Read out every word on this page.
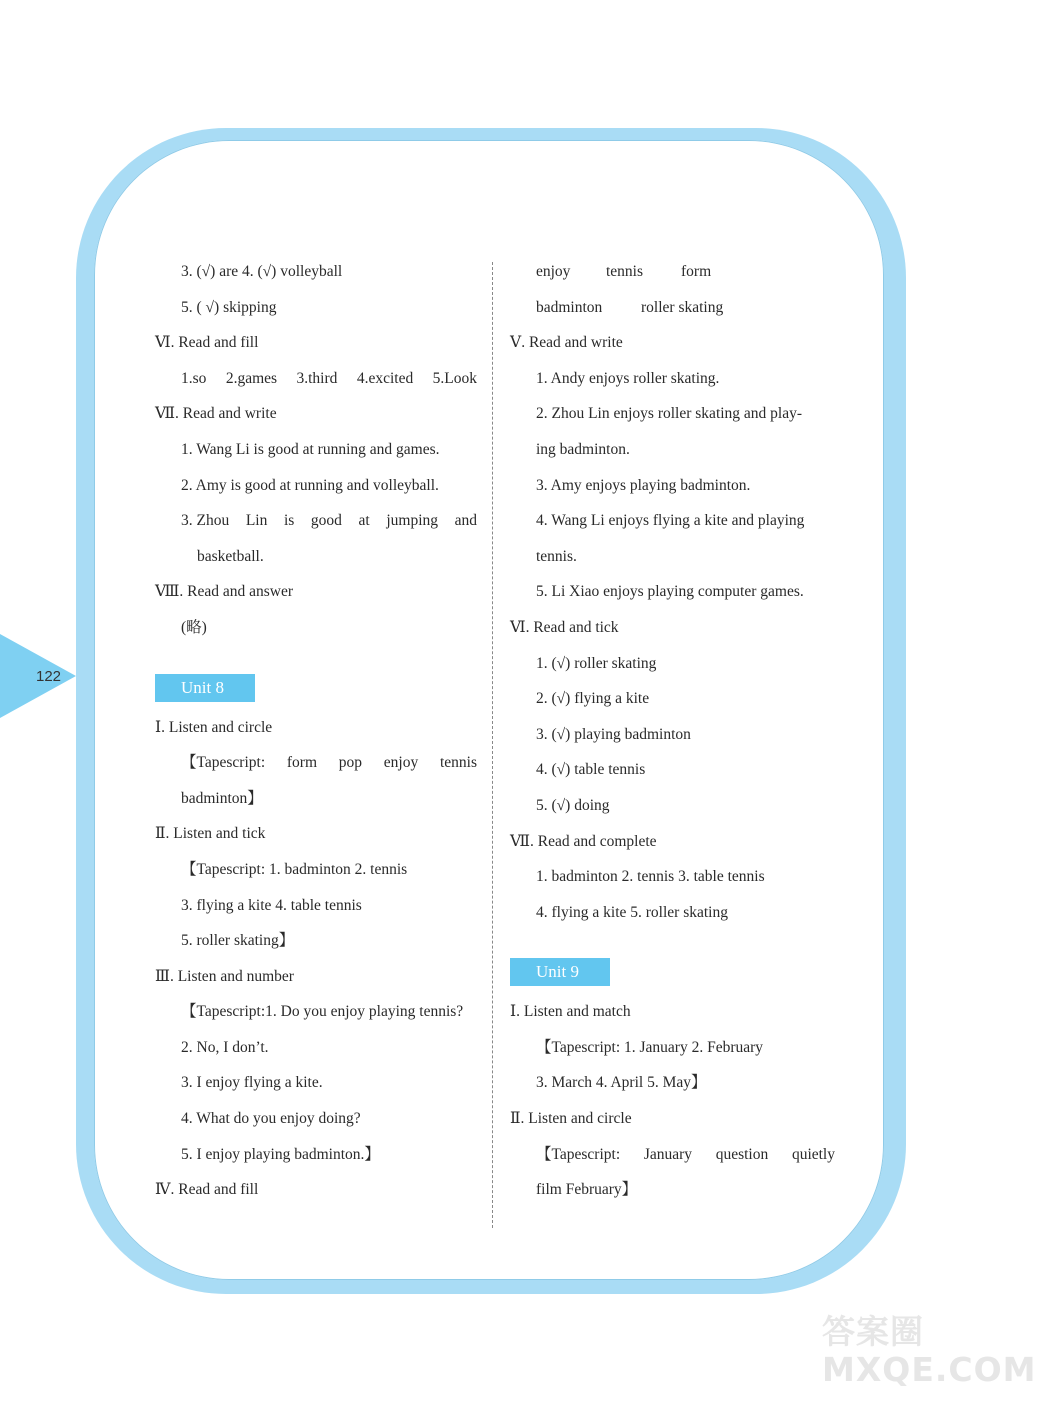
122
3. (√) are 4. (√) volleyball
5. ( √) skipping
Ⅵ. Read and fill
1.so 2.games 3.third 4.excited 5.Look
Ⅶ. Read and write
1. Wang Li is good at running and games.
2. Amy is good at running and volleyball.
3. Zhou Lin is good at jumping and
basketball.
Ⅷ. Read and answer
(略)
Unit 8
Ⅰ. Listen and circle
【Tapescript: form pop enjoy tennis
badminton】
Ⅱ. Listen and tick
【Tapescript: 1. badminton 2. tennis
3. flying a kite 4. table tennis
5. roller skating】
Ⅲ. Listen and number
【Tapescript:1. Do you enjoy playing tennis?
2. No, I don’t.
3. I enjoy flying a kite.
4. What do you enjoy doing?
5. I enjoy playing badminton.】
Ⅳ. Read and fill
enjoy	tennis	form
badminton	roller skating
Ⅴ. Read and write
1. Andy enjoys roller skating.
2. Zhou Lin enjoys roller skating and play-
ing badminton.
3. Amy enjoys playing badminton.
4. Wang Li enjoys flying a kite and playing
tennis.
5. Li Xiao enjoys playing computer games.
Ⅵ. Read and tick
1. (√) roller skating
2. (√) flying a kite
3. (√) playing badminton
4. (√) table tennis
5. (√) doing
Ⅶ. Read and complete
1. badminton 2. tennis 3. table tennis
4. flying a kite 5. roller skating
Unit 9
Ⅰ. Listen and match
【Tapescript: 1. January 2. February
3. March 4. April 5. May】
Ⅱ. Listen and circle
【Tapescript: January question quietly
film February】
答案圈
MXQE.COM
